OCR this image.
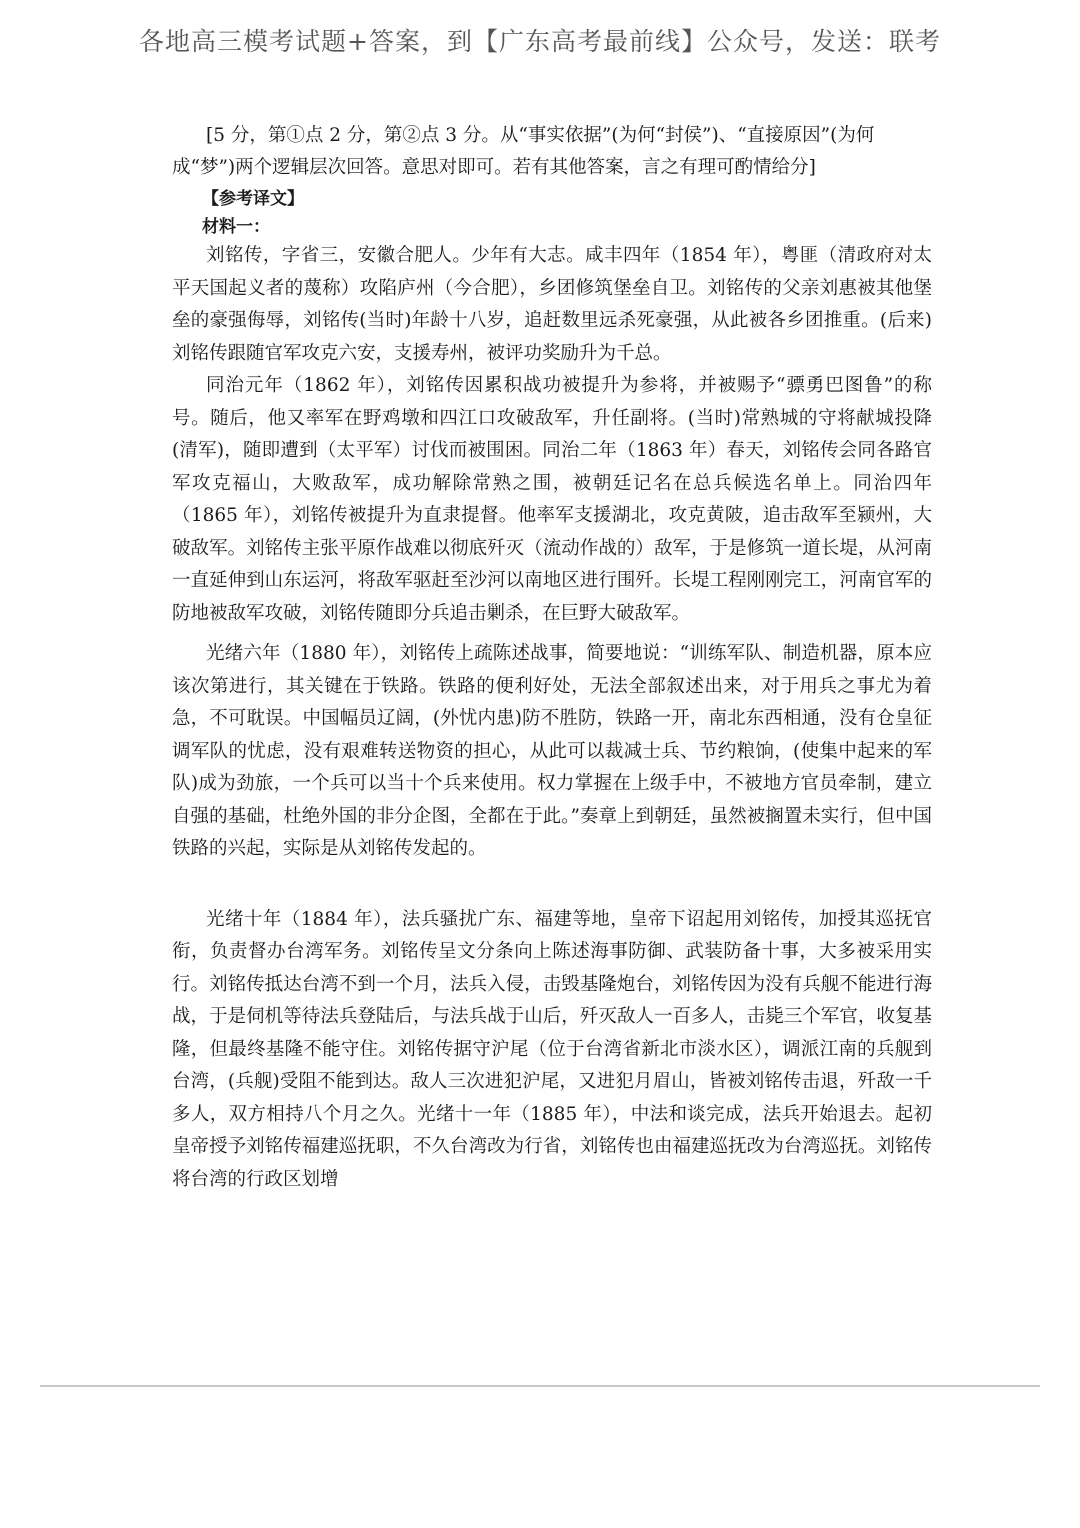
各地高三模考试题+答案，到【广东高考最前线】公众号，发送：联考

[5 分，第①点 2 分，第②点 3 分。从“事实依据”(为何“封侯”)、“直接原因”(为何成“梦”)两个逻辑层次回答。意思对即可。若有其他答案，言之有理可酌情给分]

【参考译文】
材料一：

刘铭传，字省三，安徽合肥人。少年有大志。咸丰四年（1854 年），粤匪（清政府对太平天国起义者的蔑称）攻陷庐州（今合肥），乡团修筑堡垒自卫。刘铭传的父亲刘惠被其他堡垒的豪强侮辱，刘铭传(当时)年龄十八岁，追赶数里远杀死豪强，从此被各乡团推重。(后来)刘铭传跟随官军攻克六安，支援寿州，被评功奖励升为千总。

同治元年（1862 年），刘铭传因累积战功被提升为参将，并被赐予“骠勇巴图鲁”的称号。随后，他又率军在野鸡墩和四江口攻破敌军，升任副将。(当时)常熟城的守将献城投降(清军)，随即遭到（太平军）讨伐而被围困。同治二年（1863 年）春天，刘铭传会同各路官军攻克福山，大败敌军，成功解除常熟之围，被朝廷记名在总兵候选名单上。同治四年（1865 年），刘铭传被提升为直隶提督。他率军支援湖北，攻克黄陂，追击敌军至颍州，大破敌军。刘铭传主张平原作战难以彻底歼灭（流动作战的）敌军，于是修筑一道长堤，从河南一直延伸到山东运河，将敌军驱赶至沙河以南地区进行围歼。长堤工程刚刚完工，河南官军的防地被敌军攻破，刘铭传随即分兵追击剿杀，在巨野大破敌军。

光绪六年（1880 年），刘铭传上疏陈述战事，简要地说：“训练军队、制造机器，原本应该次第进行，其关键在于铁路。铁路的便利好处，无法全部叙述出来，对于用兵之事尤为着急，不可耽误。中国幅员辽阔，(外忧内患)防不胜防，铁路一开，南北东西相通，没有仓皇征调军队的忧虑，没有艰难转送物资的担心，从此可以裁减士兵、节约粮饷，(使集中起来的军队)成为劲旅，一个兵可以当十个兵来使用。权力掌握在上级手中，不被地方官员牵制，建立自强的基础，杜绝外国的非分企图，全都在于此。”奏章上到朝廷，虽然被搁置未实行，但中国铁路的兴起，实际是从刘铭传发起的。

光绪十年（1884 年），法兵骚扰广东、福建等地，皇帝下诏起用刘铭传，加授其巡抚官衔，负责督办台湾军务。刘铭传呈文分条向上陈述海事防御、武装防备十事，大多被采用实行。刘铭传抵达台湾不到一个月，法兵入侵，击毁基隆炮台，刘铭传因为没有兵舰不能进行海战，于是伺机等待法兵登陆后，与法兵战于山后，歼灭敌人一百多人，击毙三个军官，收复基隆，但最终基隆不能守住。刘铭传据守沪尾（位于台湾省新北市淡水区），调派江南的兵舰到台湾，(兵舰)受阻不能到达。敌人三次进犯沪尾，又进犯月眉山，皆被刘铭传击退，歼敌一千多人，双方相持八个月之久。光绪十一年（1885 年），中法和谈完成，法兵开始退去。起初皇帝授予刘铭传福建巡抚职，不久台湾改为行省，刘铭传也由福建巡抚改为台湾巡抚。刘铭传将台湾的行政区划增
